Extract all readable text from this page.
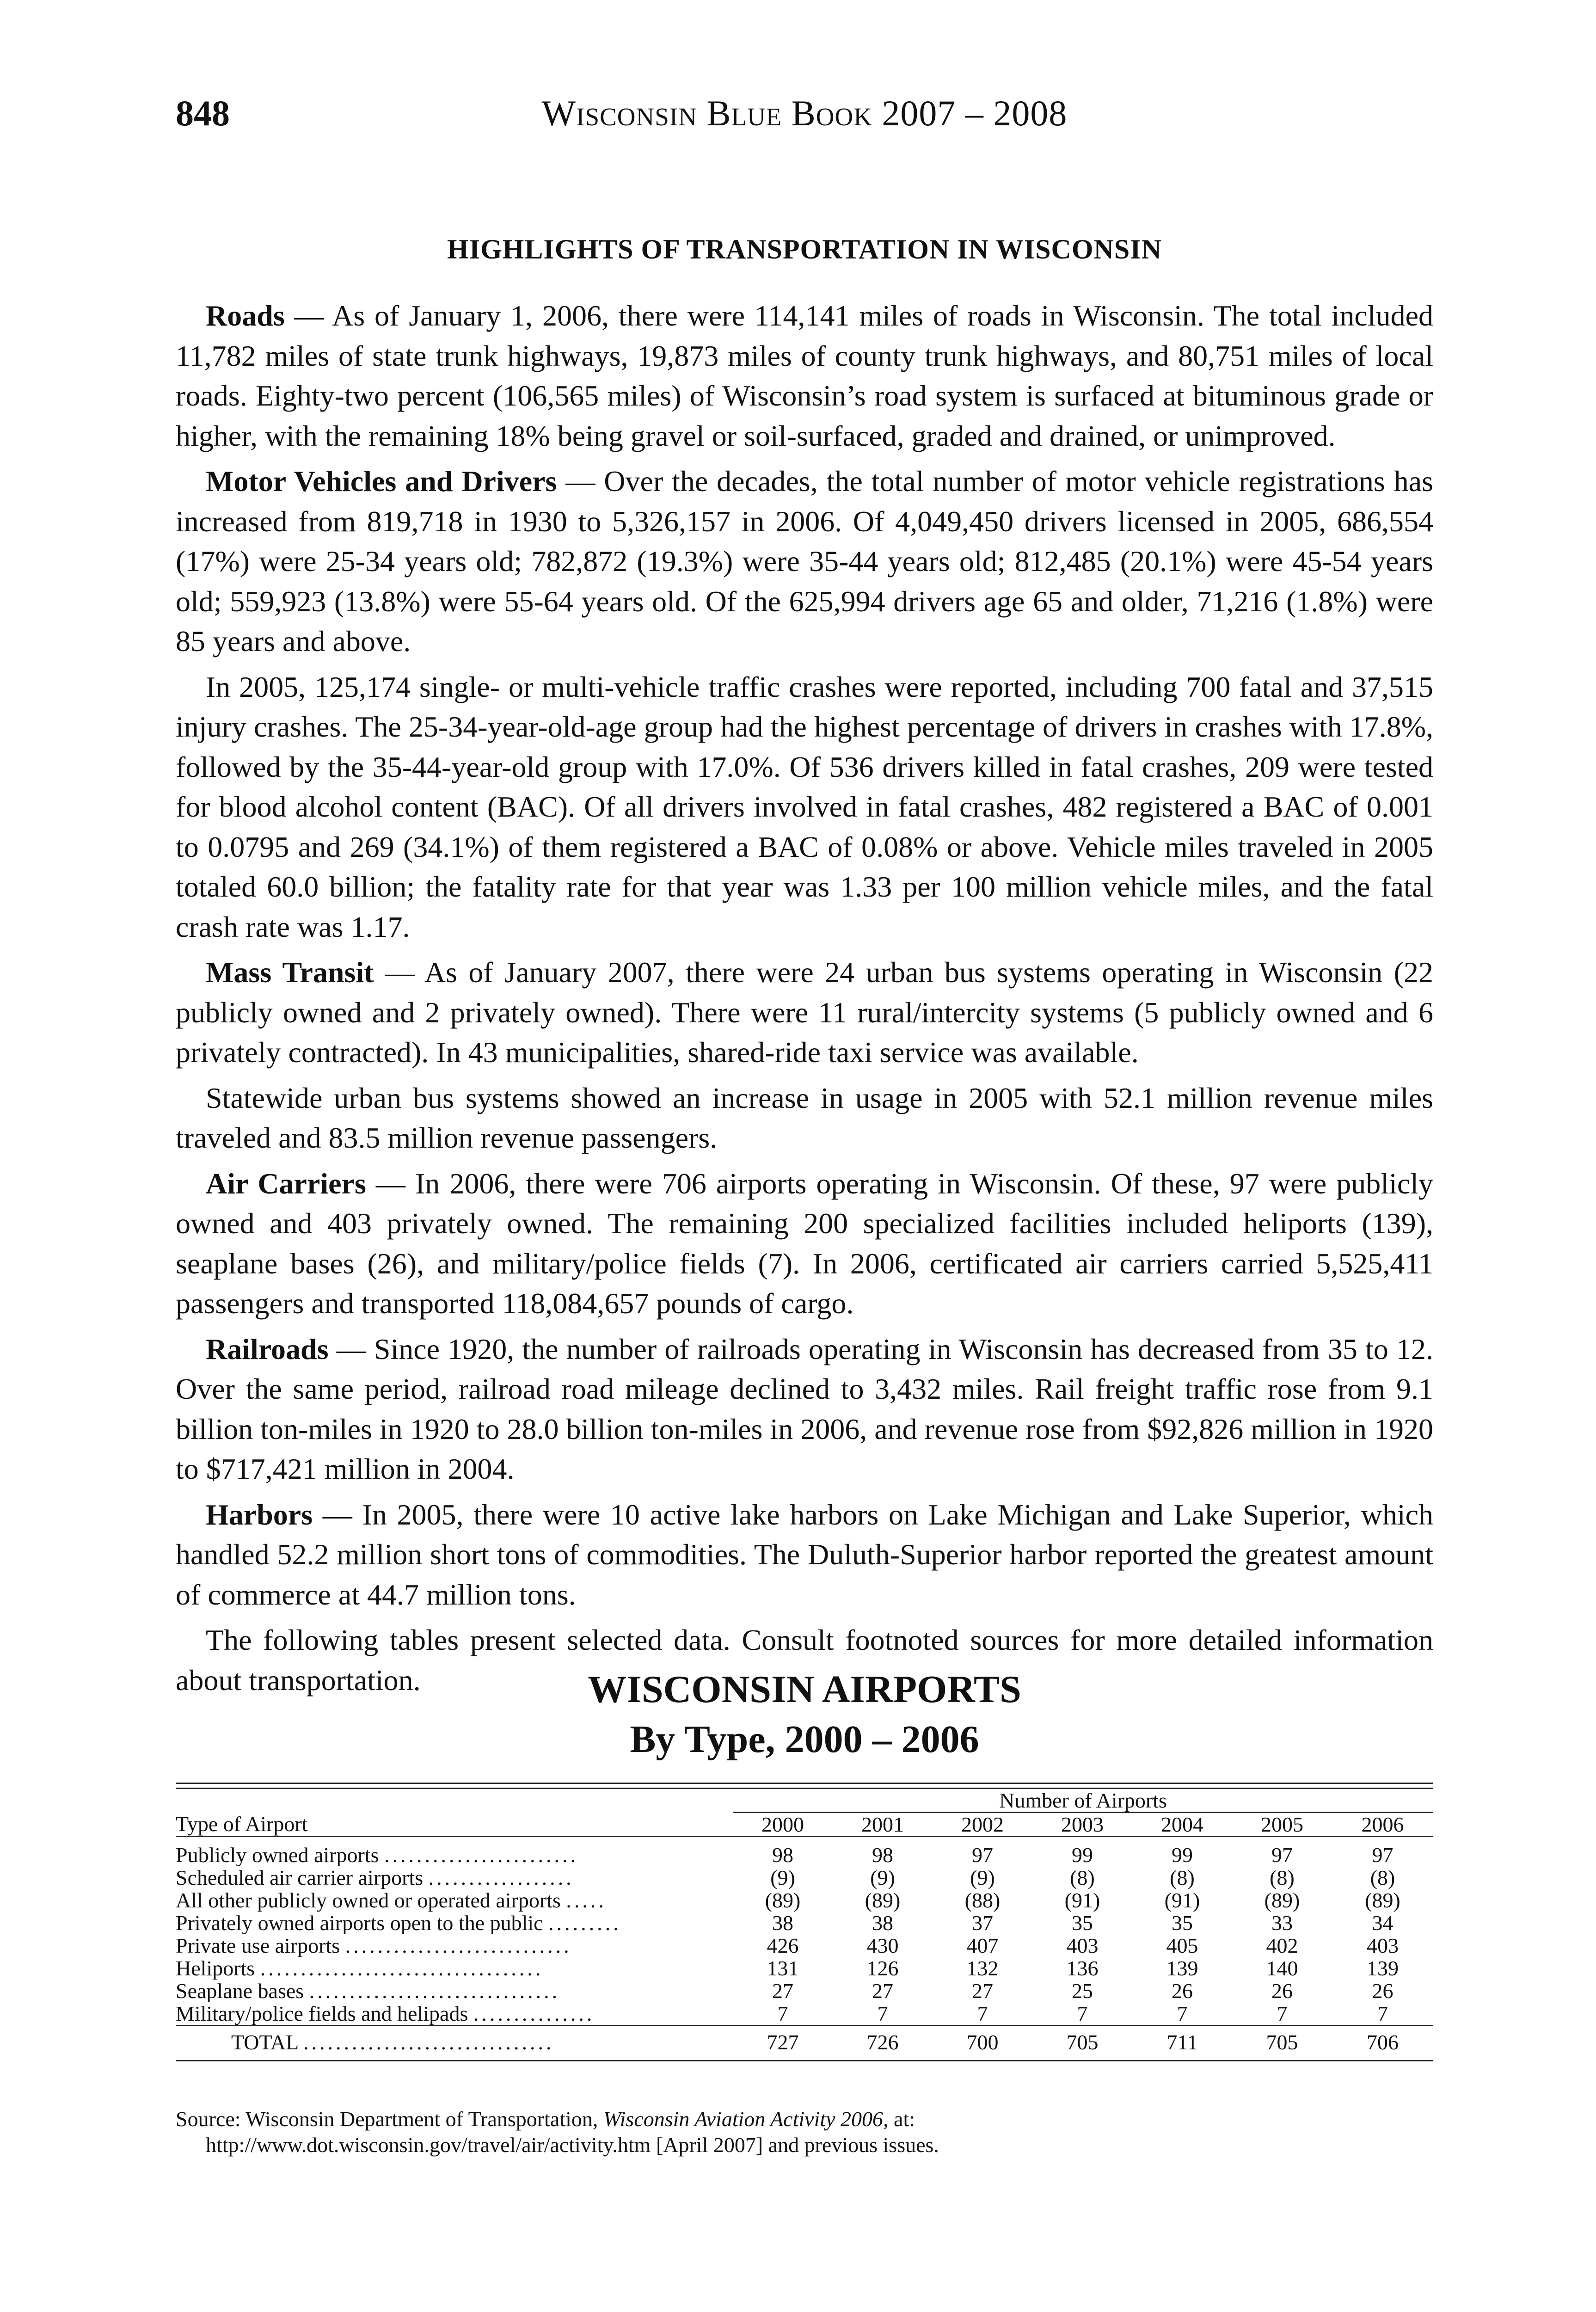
848	Wisconsin Blue Book 2007 – 2008
HIGHLIGHTS OF TRANSPORTATION IN WISCONSIN

Roads — As of January 1, 2006, there were 114,141 miles of roads in Wisconsin. The total included 11,782 miles of state trunk highways, 19,873 miles of county trunk highways, and 80,751 miles of local roads. Eighty-two percent (106,565 miles) of Wisconsin’s road system is surfaced at bituminous grade or higher, with the remaining 18% being gravel or soil-surfaced, graded and drained, or unimproved.

Motor Vehicles and Drivers — Over the decades, the total number of motor vehicle registrations has increased from 819,718 in 1930 to 5,326,157 in 2006. Of 4,049,450 drivers licensed in 2005, 686,554 (17%) were 25-34 years old; 782,872 (19.3%) were 35-44 years old; 812,485 (20.1%) were 45-54 years old; 559,923 (13.8%) were 55-64 years old. Of the 625,994 drivers age 65 and older, 71,216 (1.8%) were 85 years and above.

In 2005, 125,174 single- or multi-vehicle traffic crashes were reported, including 700 fatal and 37,515 injury crashes. The 25-34-year-old-age group had the highest percentage of drivers in crashes with 17.8%, followed by the 35-44-year-old group with 17.0%. Of 536 drivers killed in fatal crashes, 209 were tested for blood alcohol content (BAC). Of all drivers involved in fatal crashes, 482 registered a BAC of 0.001 to 0.0795 and 269 (34.1%) of them registered a BAC of 0.08% or above. Vehicle miles traveled in 2005 totaled 60.0 billion; the fatality rate for that year was 1.33 per 100 million vehicle miles, and the fatal crash rate was 1.17.

Mass Transit — As of January 2007, there were 24 urban bus systems operating in Wisconsin (22 publicly owned and 2 privately owned). There were 11 rural/intercity systems (5 publicly owned and 6 privately contracted). In 43 municipalities, shared-ride taxi service was available.

Statewide urban bus systems showed an increase in usage in 2005 with 52.1 million revenue miles traveled and 83.5 million revenue passengers.

Air Carriers — In 2006, there were 706 airports operating in Wisconsin. Of these, 97 were publicly owned and 403 privately owned. The remaining 200 specialized facilities included heliports (139), seaplane bases (26), and military/police fields (7). In 2006, certificated air carriers carried 5,525,411 passengers and transported 118,084,657 pounds of cargo.

Railroads — Since 1920, the number of railroads operating in Wisconsin has decreased from 35 to 12. Over the same period, railroad road mileage declined to 3,432 miles. Rail freight traffic rose from 9.1 billion ton-miles in 1920 to 28.0 billion ton-miles in 2006, and revenue rose from $92,826 million in 1920 to $717,421 million in 2004.

Harbors — In 2005, there were 10 active lake harbors on Lake Michigan and Lake Superior, which handled 52.2 million short tons of commodities. The Duluth-Superior harbor reported the greatest amount of commerce at 44.7 million tons.

The following tables present selected data. Consult footnoted sources for more detailed information about transportation.	WISCONSIN AIRPORTS
By Type, 2000 – 2006
	Number of Airports						
Type of Airport	2000	2001	2002	2003	2004	2005	2006
Publicly owned airports ........................	98	98	97	99	99	97	97
Scheduled air carrier airports ..................	(9)	(9)	(9)	(8)	(8)	(8)	(8)
All other publicly owned or operated airports .....	(89)	(89)	(88)	(91)	(91)	(89)	(89)
Privately owned airports open to the public .........	38	38	37	35	35	33	34
Private use airports ............................	426	430	407	403	405	402	403
Heliports ...................................	131	126	132	136	139	140	139
Seaplane bases ...............................	27	27	27	25	26	26	26
Military/police fields and helipads ...............	7	7	7	7	7	7	7
TOTAL ...............................	727	726	700	705	711	705	706
Source: Wisconsin Department of Transportation, Wisconsin Aviation Activity 2006, at:
http://www.dot.wisconsin.gov/travel/air/activity.htm [April 2007] and previous issues.
